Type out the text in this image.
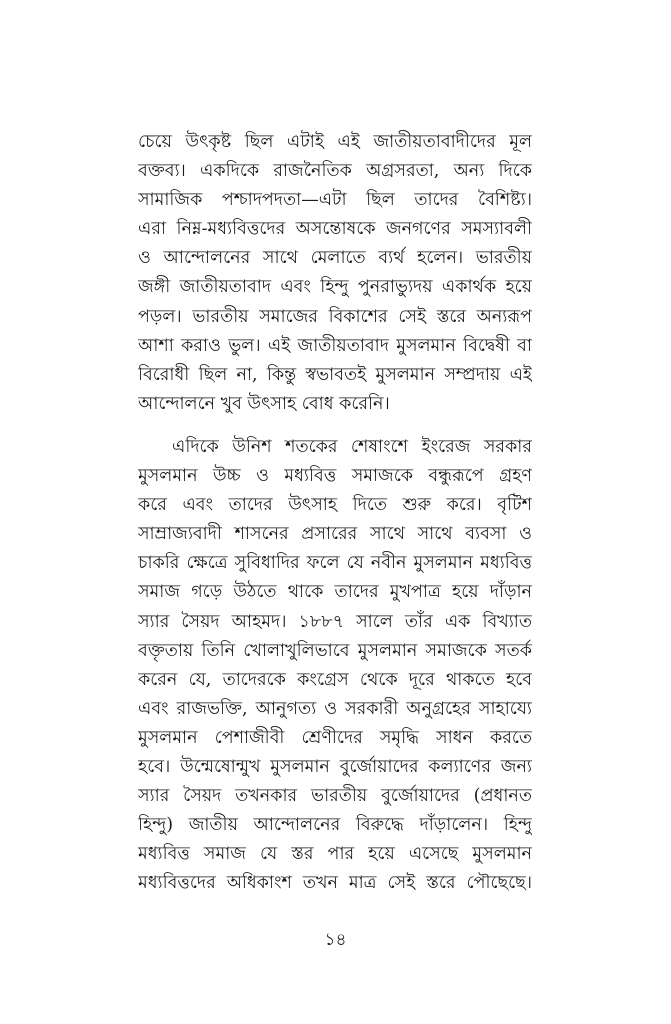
চেয়ে উৎকৃষ্ট ছিল এটাই এই জাতীয়তাবাদীদের মূল
বক্তব্য। একদিকে রাজনৈতিক অগ্রসরতা, অন্য দিকে
সামাজিক পশ্চাদপদতা—এটা ছিল তাদের বৈশিষ্ট্য।
এরা নিম্ন-মধ্যবিত্তদের অসন্তোষকে জনগণের সমস্যাবলী
ও আন্দোলনের সাথে মেলাতে ব্যর্থ হলেন। ভারতীয়
জঙ্গী জাতীয়তাবাদ এবং হিন্দু পুনরাভ্যুদয় একার্থক হয়ে
পড়ল। ভারতীয় সমাজের বিকাশের সেই স্তরে অন্যরূপ
আশা করাও ভুল। এই জাতীয়তাবাদ মুসলমান বিদ্বেষী বা
বিরোধী ছিল না, কিন্তু স্বভাবতই মুসলমান সম্প্রদায় এই
আন্দোলনে খুব উৎসাহ বোধ করেনি।
এদিকে উনিশ শতকের শেষাংশে ইংরেজ সরকার
মুসলমান উচ্চ ও মধ্যবিত্ত সমাজকে বন্ধুরূপে গ্রহণ
করে এবং তাদের উৎসাহ দিতে শুরু করে। বৃটিশ
সাম্রাজ্যবাদী শাসনের প্রসারের সাথে সাথে ব্যবসা ও
চাকরি ক্ষেত্রে সুবিধাদির ফলে যে নবীন মুসলমান মধ্যবিত্ত
সমাজ গড়ে উঠতে থাকে তাদের মুখপাত্র হয়ে দাঁড়ান
স্যার সৈয়দ আহমদ। ১৮৮৭ সালে তাঁর এক বিখ্যাত
বক্তৃতায় তিনি খোলাখুলিভাবে মুসলমান সমাজকে সতর্ক
করেন যে, তাদেরকে কংগ্রেস থেকে দূরে থাকতে হবে
এবং রাজভক্তি, আনুগত্য ও সরকারী অনুগ্রহের সাহায্যে
মুসলমান পেশাজীবী শ্রেণীদের সমৃদ্ধি সাধন করতে
হবে। উন্মেষোন্মুখ মুসলমান বুর্জোয়াদের কল্যাণের জন্য
স্যার সৈয়দ তখনকার ভারতীয় বুর্জোয়াদের (প্রধানত
হিন্দু) জাতীয় আন্দোলনের বিরুদ্ধে দাঁড়ালেন। হিন্দু
মধ্যবিত্ত সমাজ যে স্তর পার হয়ে এসেছে মুসলমান
মধ্যবিত্তদের অধিকাংশ তখন মাত্র সেই স্তরে পৌছেছে।
১৪
